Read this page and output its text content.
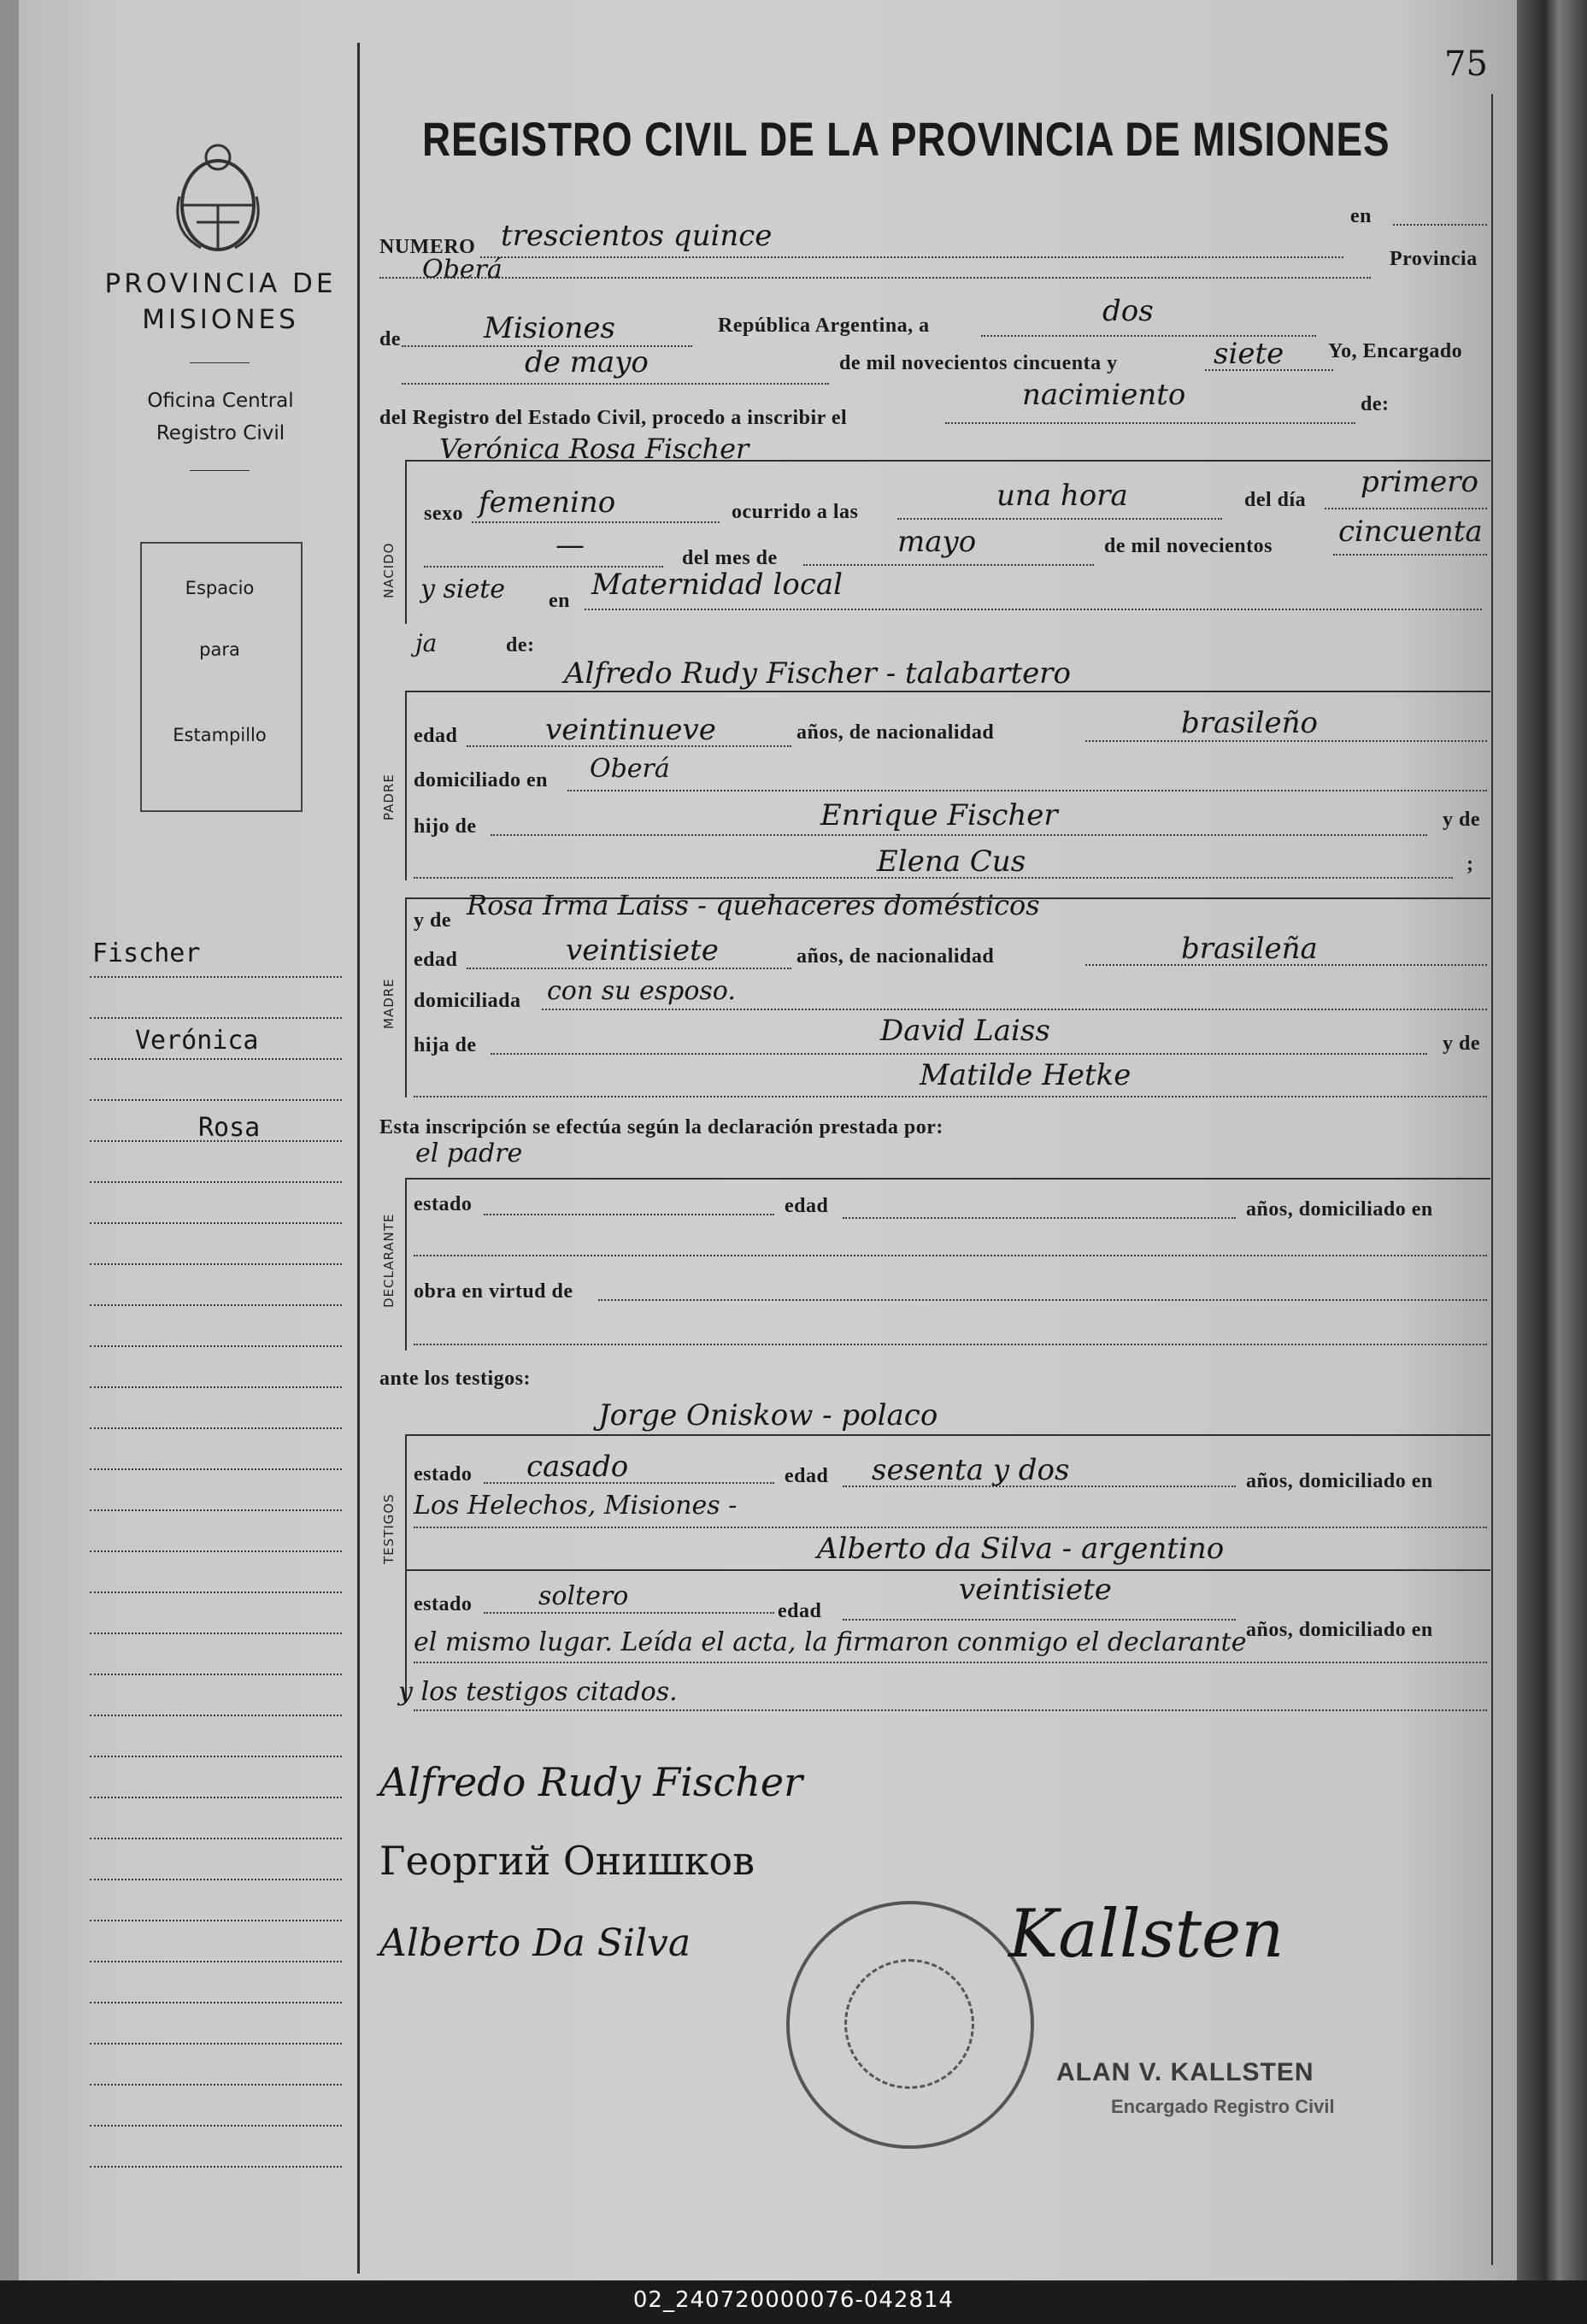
75
REGISTRO CIVIL DE LA PROVINCIA DE MISIONES
PROVINCIA DE
MISIONES
Oficina Central
Registro Civil
Espacio
para
Estampillo
Fischer
Verónica
Rosa
NUMERO trescientos quince
en
Oberá	Provincia
de	Misiones	República Argentina, a	dos
de mayo	de mil novecientos cincuenta y	siete Yo, Encargado
del Registro del Estado Civil, procedo a inscribir el
nacimiento	de:
NACIDO
Verónica Rosa Fischer
sexo femenino	ocurrido a las	una hora	del día
primero
—	del mes de	mayo	de mil novecientos cincuenta
y siete en Maternidad local
ja	de:
PADRE
Alfredo Rudy Fischer - talabartero
edad	veintinueve	años, de nacionalidad	brasileño
domiciliado en Oberá
hijo de	Enrique Fischer	y de
Elena Cus	;
MADRE
y de Rosa Irma Laiss - quehaceres domésticos
edad	veintisiete	años, de nacionalidad	brasileña
domiciliada con su esposo.
hija de	David Laiss	y de
Matilde Hetke
Esta inscripción se efectúa según la declaración prestada por:
el padre
DECLARANTE
estado	edad	años, domiciliado en
obra en virtud de
ante los testigos:
TESTIGOS
Jorge Oniskow - polaco
estado casado	edad sesenta y dos	años, domiciliado en
Los Helechos, Misiones -
Alberto da Silva - argentino
estado	soltero	edad
veintisiete
años, domiciliado en
el mismo lugar. Leída el acta, la firmaron conmigo el declarante
y los testigos citados.
Alfredo Rudy Fischer
Георгий Онишков
Alberto Da Silva	Kallsten
ALAN V. KALLSTEN
Encargado Registro Civil
02_240720000076-042814
